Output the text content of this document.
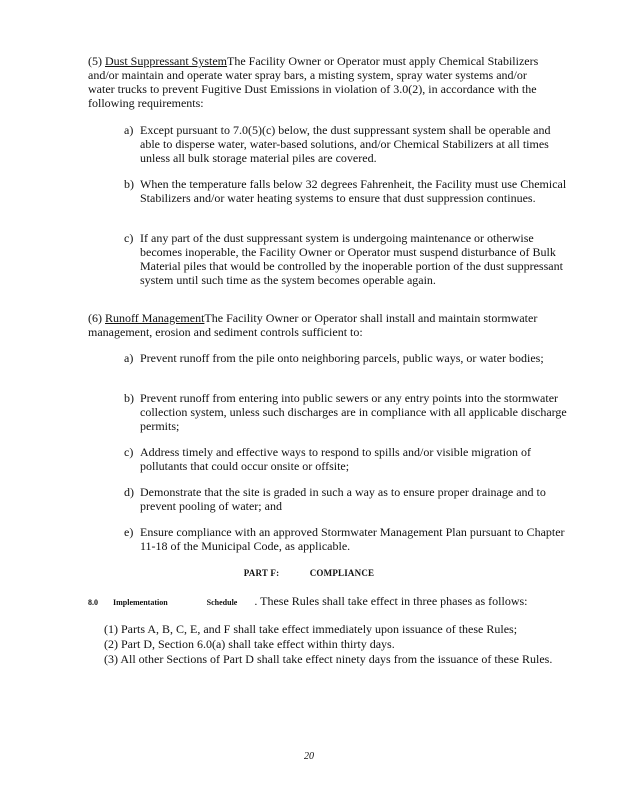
(5) Dust Suppressant SystemThe Facility Owner or Operator must apply Chemical Stabilizers and/or maintain and operate water spray bars, a misting system, spray water systems and/or water trucks to prevent Fugitive Dust Emissions in violation of 3.0(2), in accordance with the following requirements:

a) Except pursuant to 7.0(5)(c) below, the dust suppressant system shall be operable and able to disperse water, water-based solutions, and/or Chemical Stabilizers at all times unless all bulk storage material piles are covered.
b) When the temperature falls below 32 degrees Fahrenheit, the Facility must use Chemical Stabilizers and/or water heating systems to ensure that dust suppression continues.
c) If any part of the dust suppressant system is undergoing maintenance or otherwise becomes inoperable, the Facility Owner or Operator must suspend disturbance of Bulk Material piles that would be controlled by the inoperable portion of the dust suppressant system until such time as the system becomes operable again.

(6) Runoff ManagementThe Facility Owner or Operator shall install and maintain stormwater management, erosion and sediment controls sufficient to:

a) Prevent runoff from the pile onto neighboring parcels, public ways, or water bodies;
b) Prevent runoff from entering into public sewers or any entry points into the stormwater collection system, unless such discharges are in compliance with all applicable discharge permits;
c) Address timely and effective ways to respond to spills and/or visible migration of pollutants that could occur onsite or offsite;
d) Demonstrate that the site is graded in such a way as to ensure proper drainage and to prevent pooling of water; and
e) Ensure compliance with an approved Stormwater Management Plan pursuant to Chapter 11-18 of the Municipal Code, as applicable.
PART F:	COMPLIANCE
8.0 Implementation	Schedule . These Rules shall take effect in three phases as follows:
(1) Parts A, B, C, E, and F shall take effect immediately upon issuance of these Rules;
(2) Part D, Section 6.0(a) shall take effect within thirty days.
(3) All other Sections of Part D shall take effect ninety days from the issuance of these Rules.
20
